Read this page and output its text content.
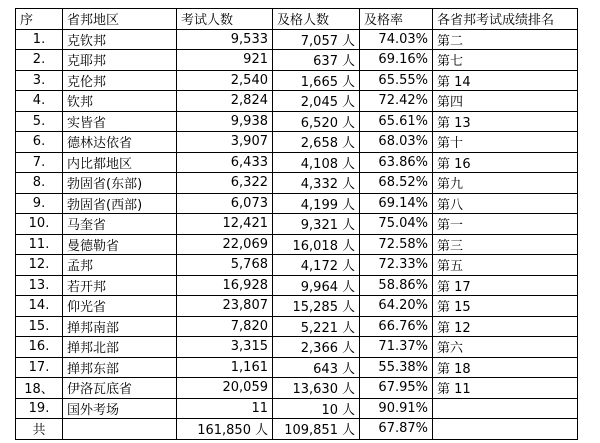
序	省邦地区	考试人数	及格人数	及格率	各省邦考试成绩排名
1.	克钦邦	9,533	7,057 人	74.03%	第二
2.	克耶邦	921	637 人	69.16%	第七
3.	克伦邦	2,540	1,665 人	65.55%	第 14
4.	钦邦	2,824	2,045 人	72.42%	第四
5.	实皆省	9,938	6,520 人	65.61%	第 13
6.	德林达依省	3,907	2,658 人	68.03%	第十
7.	内比都地区	6,433	4,108 人	63.86%	第 16
8.	勃固省(东部)	6,322	4,332 人	68.52%	第九
9.	勃固省(西部)	6,073	4,199 人	69.14%	第八
10.	马奎省	12,421	9,321 人	75.04%	第一
11.	曼德勒省	22,069	16,018 人	72.58%	第三
12.	孟邦	5,768	4,172 人	72.33%	第五
13.	若开邦	16,928	9,964 人	58.86%	第 17
14.	仰光省	23,807	15,285 人	64.20%	第 15
15.	掸邦南部	7,820	5,221 人	66.76%	第 12
16.	掸邦北部	3,315	2,366 人	71.37%	第六
17.	掸邦东部	1,161	643 人	55.38%	第 18
18、	伊洛瓦底省	20,059	13,630 人	67.95%	第 11
19.	国外考场	11	10 人	90.91%	
共		161,850 人	109,851 人	67.87%	
